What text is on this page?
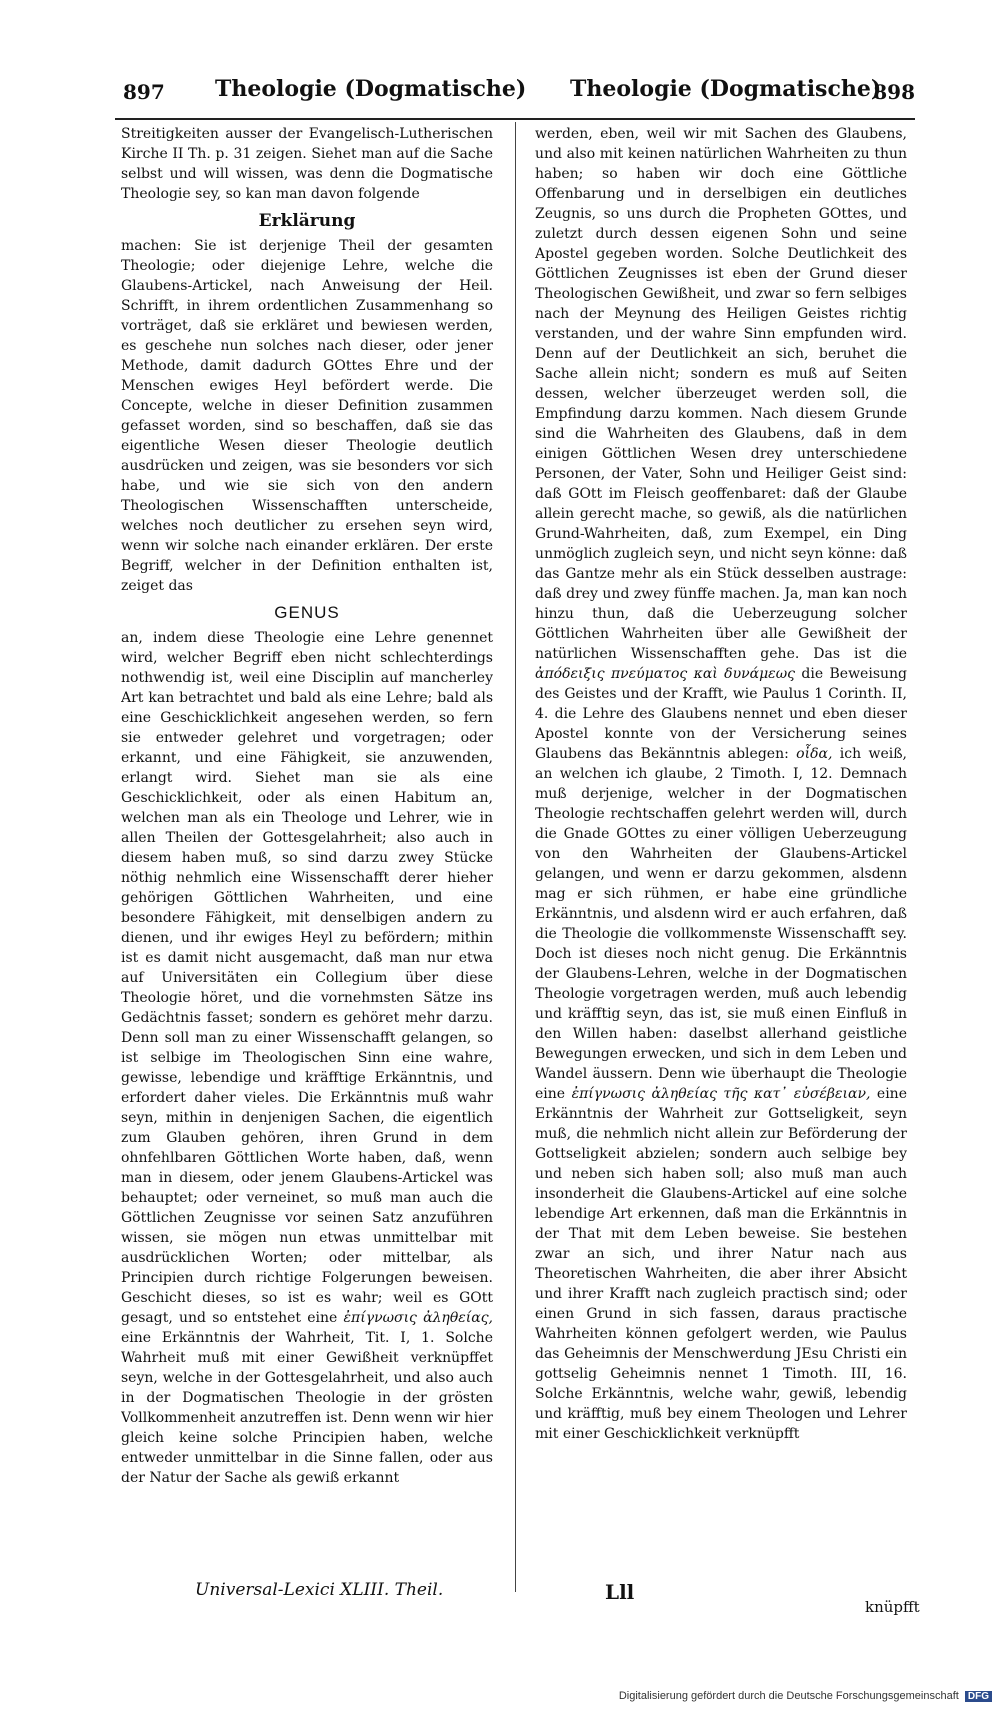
897 Theologie (Dogmatische) Theologie (Dogmatische)
898

Streitigkeiten ausser der Evangelisch-Lutherischen Kirche II Th. p. 31 zeigen. Siehet man auf die Sache selbst und will wissen, was denn die Dogmatische Theologie sey, so kan man davon folgende

Erklärung

machen: Sie ist derjenige Theil der gesamten Theologie; oder diejenige Lehre, welche die Glaubens-Artickel, nach Anweisung der Heil. Schrifft, in ihrem ordentlichen Zusammenhang so vorträget, daß sie erkläret und bewiesen werden, es geschehe nun solches nach dieser, oder jener Methode, damit dadurch GOttes Ehre und der Menschen ewiges Heyl befördert werde. Die Concepte, welche in dieser Definition zusammen gefasset worden, sind so beschaffen, daß sie das eigentliche Wesen dieser Theologie deutlich ausdrücken und zeigen, was sie besonders vor sich habe, und wie sie sich von den andern Theologischen Wissenschafften unterscheide, welches noch deutlicher zu ersehen seyn wird, wenn wir solche nach einander erklären. Der erste Begriff, welcher in der Definition enthalten ist, zeiget das

GENUS

an, indem diese Theologie eine Lehre genennet wird, welcher Begriff eben nicht schlechterdings nothwendig ist, weil eine Disciplin auf mancherley Art kan betrachtet und bald als eine Lehre; bald als eine Geschicklichkeit angesehen werden, so fern sie entweder gelehret und vorgetragen; oder erkannt, und eine Fähigkeit, sie anzuwenden, erlangt wird. Siehet man sie als eine Geschicklichkeit, oder als einen Habitum an, welchen man als ein Theologe und Lehrer, wie in allen Theilen der Gottesgelahrheit; also auch in diesem haben muß, so sind darzu zwey Stücke nöthig nehmlich eine Wissenschafft derer hieher gehörigen Göttlichen Wahrheiten, und eine besondere Fähigkeit, mit denselbigen andern zu dienen, und ihr ewiges Heyl zu befördern; mithin ist es damit nicht ausgemacht, daß man nur etwa auf Universitäten ein Collegium über diese Theologie höret, und die vornehmsten Sätze ins Gedächtnis fasset; sondern es gehöret mehr darzu. Denn soll man zu einer Wissenschafft gelangen, so ist selbige im Theologischen Sinn eine wahre, gewisse, lebendige und kräfftige Erkänntnis, und erfordert daher vieles. Die Erkänntnis muß wahr seyn, mithin in denjenigen Sachen, die eigentlich zum Glauben gehören, ihren Grund in dem ohnfehlbaren Göttlichen Worte haben, daß, wenn man in diesem, oder jenem Glaubens-Artickel was behauptet; oder verneinet, so muß man auch die Göttlichen Zeugnisse vor seinen Satz anzuführen wissen, sie mögen nun etwas unmittelbar mit ausdrücklichen Worten; oder mittelbar, als Principien durch richtige Folgerungen beweisen. Geschicht dieses, so ist es wahr; weil es GOtt gesagt, und so entstehet eine ἐπίγνωσις ἀληθείας, eine Erkänntnis der Wahrheit, Tit. I, 1. Solche Wahrheit muß mit einer Gewißheit verknüpffet seyn, welche in der Gottesgelahrheit, und also auch in der Dogmatischen Theologie in der grösten Vollkommenheit anzutreffen ist. Denn wenn wir hier gleich keine solche Principien haben, welche entweder unmittelbar in die Sinne fallen, oder aus der Natur der Sache als gewiß erkannt

werden, eben, weil wir mit Sachen des Glaubens, und also mit keinen natürlichen Wahrheiten zu thun haben; so haben wir doch eine Göttliche Offenbarung und in derselbigen ein deutliches Zeugnis, so uns durch die Propheten GOttes, und zuletzt durch dessen eigenen Sohn und seine Apostel gegeben worden. Solche Deutlichkeit des Göttlichen Zeugnisses ist eben der Grund dieser Theologischen Gewißheit, und zwar so fern selbiges nach der Meynung des Heiligen Geistes richtig verstanden, und der wahre Sinn empfunden wird. Denn auf der Deutlichkeit an sich, beruhet die Sache allein nicht; sondern es muß auf Seiten dessen, welcher überzeuget werden soll, die Empfindung darzu kommen. Nach diesem Grunde sind die Wahrheiten des Glaubens, daß in dem einigen Göttlichen Wesen drey unterschiedene Personen, der Vater, Sohn und Heiliger Geist sind: daß GOtt im Fleisch geoffenbaret: daß der Glaube allein gerecht mache, so gewiß, als die natürlichen Grund-Wahrheiten, daß, zum Exempel, ein Ding unmöglich zugleich seyn, und nicht seyn könne: daß das Gantze mehr als ein Stück desselben austrage: daß drey und zwey fünffe machen. Ja, man kan noch hinzu thun, daß die Ueberzeugung solcher Göttlichen Wahrheiten über alle Gewißheit der natürlichen Wissenschafften gehe. Das ist die ἀπόδειξις πνεύματος καὶ δυνάμεως die Beweisung des Geistes und der Krafft, wie Paulus 1 Corinth. II, 4. die Lehre des Glaubens nennet und eben dieser Apostel konnte von der Versicherung seines Glaubens das Bekänntnis ablegen: οἶδα, ich weiß, an welchen ich glaube, 2 Timoth. I, 12. Demnach muß derjenige, welcher in der Dogmatischen Theologie rechtschaffen gelehrt werden will, durch die Gnade GOttes zu einer völligen Ueberzeugung von den Wahrheiten der Glaubens-Artickel gelangen, und wenn er darzu gekommen, alsdenn mag er sich rühmen, er habe eine gründliche Erkänntnis, und alsdenn wird er auch erfahren, daß die Theologie die vollkommenste Wissenschafft sey. Doch ist dieses noch nicht genug. Die Erkänntnis der Glaubens-Lehren, welche in der Dogmatischen Theologie vorgetragen werden, muß auch lebendig und kräfftig seyn, das ist, sie muß einen Einfluß in den Willen haben: daselbst allerhand geistliche Bewegungen erwecken, und sich in dem Leben und Wandel äussern. Denn wie überhaupt die Theologie eine ἐπίγνωσις ἀληθείας τῆς κατ᾽ εὐσέβειαν, eine Erkänntnis der Wahrheit zur Gottseligkeit, seyn muß, die nehmlich nicht allein zur Beförderung der Gottseligkeit abzielen; sondern auch selbige bey und neben sich haben soll; also muß man auch insonderheit die Glaubens-Artickel auf eine solche lebendige Art erkennen, daß man die Erkänntnis in der That mit dem Leben beweise. Sie bestehen zwar an sich, und ihrer Natur nach aus Theoretischen Wahrheiten, die aber ihrer Absicht und ihrer Krafft nach zugleich practisch sind; oder einen Grund in sich fassen, daraus practische Wahrheiten können gefolgert werden, wie Paulus das Geheimnis der Menschwerdung JEsu Christi ein gottselig Geheimnis nennet 1 Timoth. III, 16. Solche Erkänntnis, welche wahr, gewiß, lebendig und kräfftig, muß bey einem Theologen und Lehrer mit einer Geschicklichkeit verknüpfft

Universal-Lexici XLIII. Theil.	Lll
knüpfft
Digitalisierung gefördert durch die Deutsche Forschungsgemeinschaft DFG
